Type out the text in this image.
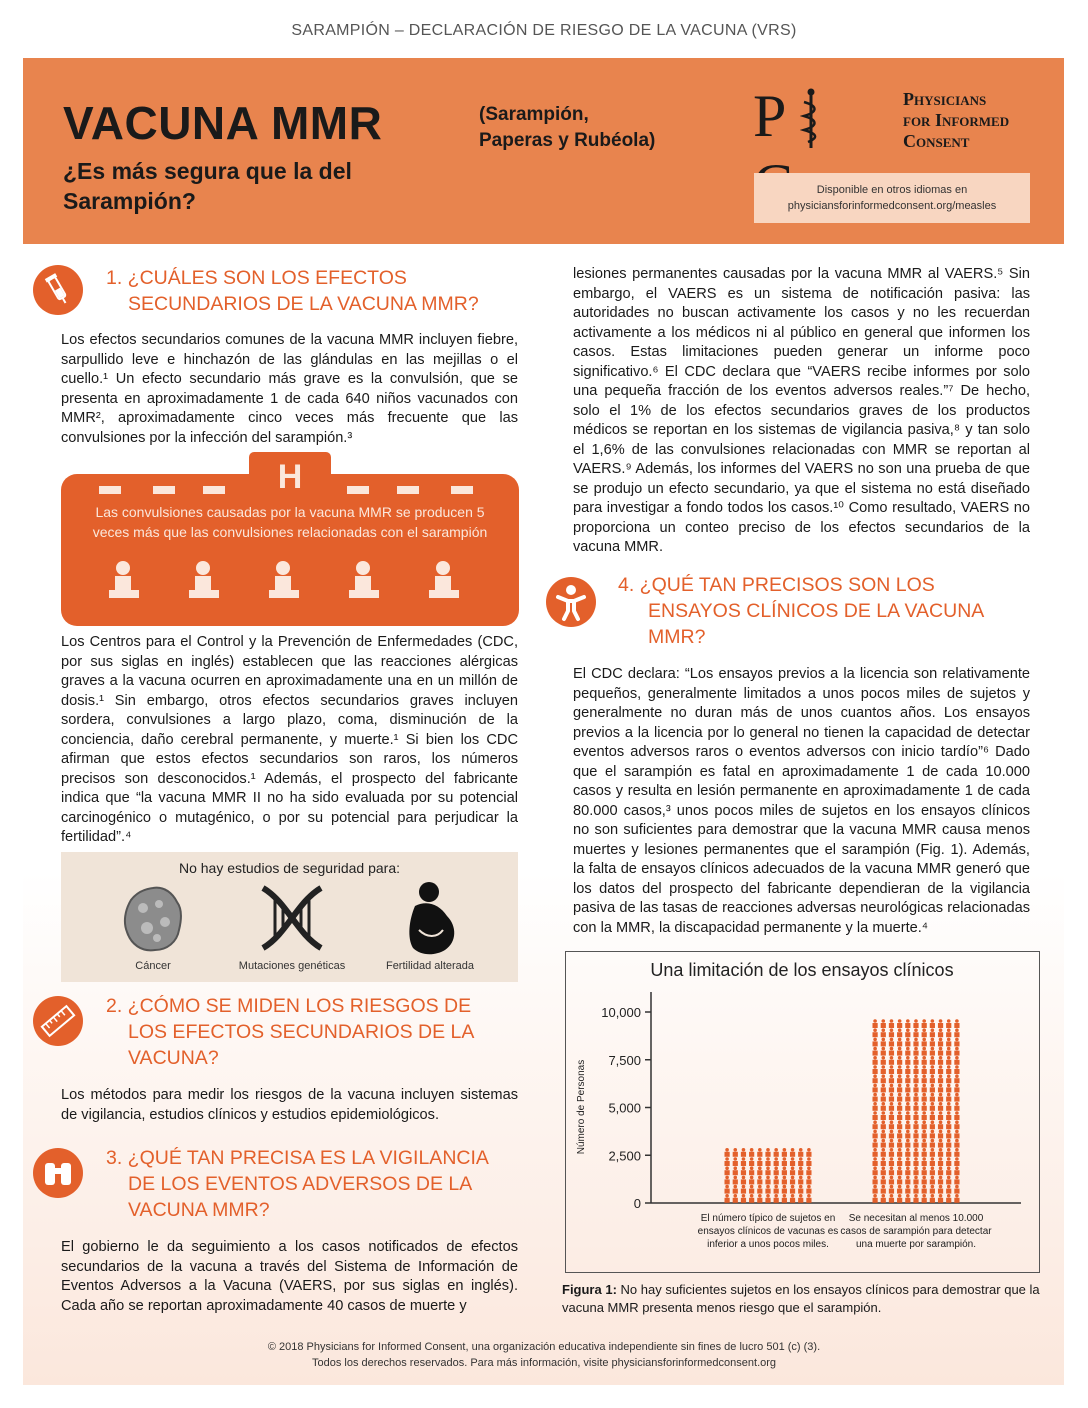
SARAMPIÓN – DECLARACIÓN DE RIESGO DE LA VACUNA (VRS)
VACUNA MMR
¿Es más segura que la del Sarampión?
(Sarampión,
Paperas y Rubéola) P	Physicians
for Informed
Consent
Disponible en otros idiomas en
physiciansforinformedconsent.org/measles
1. ¿CUÁLES SON LOS EFECTOS
SECUNDARIOS DE LA VACUNA MMR?
Los efectos secundarios comunes de la vacuna MMR incluyen fiebre, sarpullido leve e hinchazón de las glándulas en las mejillas o el cuello.¹ Un efecto secundario más grave es la convulsión, que se presenta en aproximadamente 1 de cada 640 niños vacunados con MMR², aproximadamente cinco veces más frecuente que las convulsiones por la infección del sarampión.³
H
Las convulsiones causadas por la vacuna MMR se producen 5 veces más que las convulsiones relacionadas con el sarampión
Los Centros para el Control y la Prevención de Enfermedades (CDC, por sus siglas en inglés) establecen que las reacciones alérgicas graves a la vacuna ocurren en aproximadamente una en un millón de dosis.¹ Sin embargo, otros efectos secundarios graves incluyen sordera, convulsiones a largo plazo, coma, disminución de la conciencia, daño cerebral permanente, y muerte.¹ Si bien los CDC afirman que estos efectos secundarios son raros, los números precisos son desconocidos.¹ Además, el prospecto del fabricante indica que “la vacuna MMR II no ha sido evaluada por su potencial carcinogénico o mutagénico, o por su potencial para perjudicar la fertilidad”.⁴
No hay estudios de seguridad para:
Cáncer	Mutaciones genéticas	Fertilidad alterada
2. ¿CÓMO SE MIDEN LOS RIESGOS DE
LOS EFECTOS SECUNDARIOS DE LA
VACUNA?
Los métodos para medir los riesgos de la vacuna incluyen sistemas de vigilancia, estudios clínicos y estudios epidemiológicos.
3. ¿QUÉ TAN PRECISA ES LA VIGILANCIA
DE LOS EVENTOS ADVERSOS DE LA
VACUNA MMR?
El gobierno le da seguimiento a los casos notificados de efectos secundarios de la vacuna a través del Sistema de Información de Eventos Adversos a la Vacuna (VAERS, por sus siglas en inglés). Cada año se reportan aproximadamente 40 casos de muerte y
lesiones permanentes causadas por la vacuna MMR al VAERS.⁵ Sin embargo, el VAERS es un sistema de notificación pasiva: las autoridades no buscan activamente los casos y no les recuerdan activamente a los médicos ni al público en general que informen los casos. Estas limitaciones pueden generar un informe poco significativo.⁶ El CDC declara que “VAERS recibe informes por solo una pequeña fracción de los eventos adversos reales.”⁷ De hecho, solo el 1% de los efectos secundarios graves de los productos médicos se reportan en los sistemas de vigilancia pasiva,⁸ y tan solo el 1,6% de las convulsiones relacionadas con MMR se reportan al VAERS.⁹ Además, los informes del VAERS no son una prueba de que se produjo un efecto secundario, ya que el sistema no está diseñado para investigar a fondo todos los casos.¹⁰ Como resultado, VAERS no proporciona un conteo preciso de los efectos secundarios de la vacuna MMR.
4. ¿QUÉ TAN PRECISOS SON LOS
ENSAYOS CLÍNICOS DE LA VACUNA
MMR?
El CDC declara: “Los ensayos previos a la licencia son relativamente pequeños, generalmente limitados a unos pocos miles de sujetos y generalmente no duran más de unos cuantos años. Los ensayos previos a la licencia por lo general no tienen la capacidad de detectar eventos adversos raros o eventos adversos con inicio tardío”⁶ Dado que el sarampión es fatal en aproximadamente 1 de cada 10.000 casos y resulta en lesión permanente en aproximadamente 1 de cada 80.000 casos,³ unos pocos miles de sujetos en los ensayos clínicos no son suficientes para demostrar que la vacuna MMR causa menos muertes y lesiones permanentes que el sarampión (Fig. 1). Además, la falta de ensayos clínicos adecuados de la vacuna MMR generó que los datos del prospecto del fabricante dependieran de la vigilancia pasiva de las tasas de reacciones adversas neurológicas relacionadas con la MMR, la discapacidad permanente y la muerte.⁴
Una limitación de los ensayos clínicos
0
2,500
5,000
7,500
10,000
Número de Personas
El número típico de sujetos en
ensayos clínicos de vacunas es
inferior a unos pocos miles.
Se necesitan al menos 10.000
casos de sarampión para detectar
una muerte por sarampión.
Figura 1: No hay suficientes sujetos en los ensayos clínicos para demostrar que la vacuna MMR presenta menos riesgo que el sarampión.
© 2018 Physicians for Informed Consent, una organización educativa independiente sin fines de lucro 501 (c) (3).
Todos los derechos reservados. Para más información, visite physiciansforinformedconsent.org
